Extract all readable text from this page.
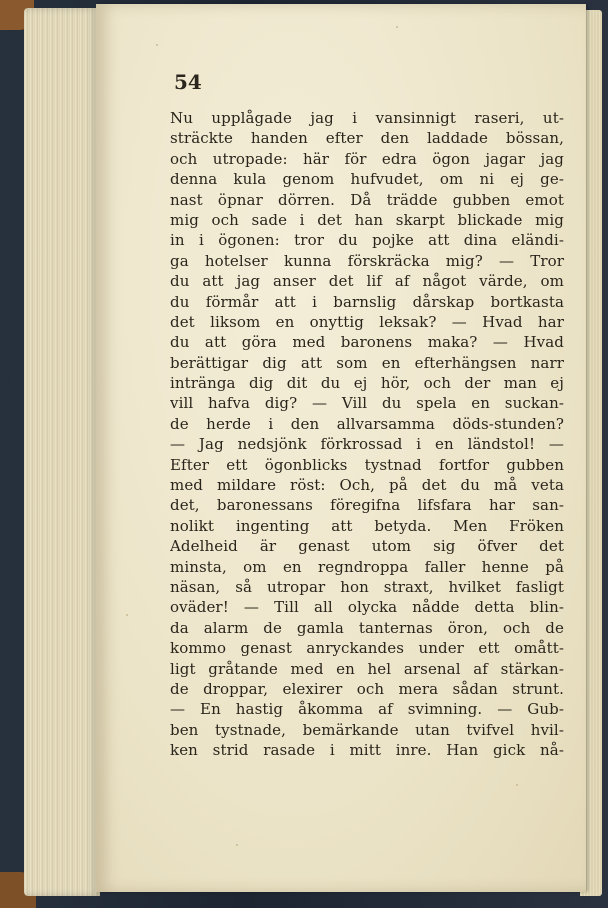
54
Nu upplågade jag i vansinnigt raseri, ut-
sträckte handen efter den laddade bössan,
och utropade: här för edra ögon jagar jag
denna kula genom hufvudet, om ni ej ge-
nast öpnar dörren. Då trädde gubben emot
mig och sade i det han skarpt blickade mig
in i ögonen: tror du pojke att dina eländi-
ga hotelser kunna förskräcka mig? — Tror
du att jag anser det lif af något värde, om
du förmår att i barnslig dårskap bortkasta
det liksom en onyttig leksak? — Hvad har
du att göra med baronens maka? — Hvad
berättigar dig att som en efterhängsen narr
inträngа dig dit du ej hör, och der man ej
vill hafva dig? — Vill du spela en suckan-
de herde i den allvarsamma döds-stunden?
— Jag nedsjönk förkrossad i en ländstol! —
Efter ett ögonblicks tystnad fortfor gubben
med mildare röst: Och, på det du må veta
det, baronessans föregifna lifsfara har san-
nolikt ingenting att betyda. Men Fröken
Adelheid är genast utom sig öfver det
minsta, om en regndroppa faller henne på
näsan, så utropar hon straxt, hvilket fasligt
oväder! — Till all olycka nådde detta blin-
da alarm de gamla tanternas öron, och de
kommo genast anryckandes under ett omått-
ligt gråtande med en hel arsenal af stärkan-
de droppar, elexirer och mera sådan strunt.
— En hastig åkomma af svimning. — Gub-
ben tystnade, bemärkande utan tvifvel hvil-
ken strid rasade i mitt inre. Han gick nå-
